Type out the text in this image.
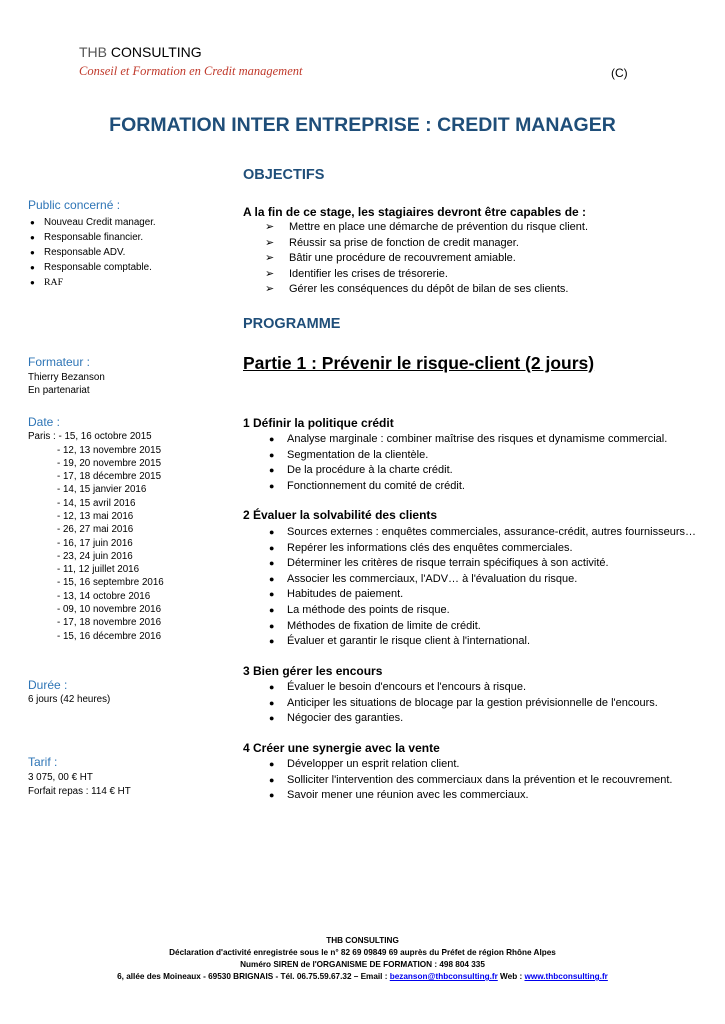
THB CONSULTING
Conseil et Formation en Credit management	(C)
FORMATION INTER ENTREPRISE : CREDIT MANAGER
OBJECTIFS
A la fin de ce stage, les stagiaires devront être capables de :
➢ Mettre en place une démarche de prévention du risque client.
➢ Réussir sa prise de fonction de credit manager.
➢ Bâtir une procédure de recouvrement amiable.
➢ Identifier les crises de trésorerie.
➢ Gérer les conséquences du dépôt de bilan de ses clients.
PROGRAMME
Partie 1 : Prévenir le risque-client (2 jours)
1 Définir la politique crédit
● Analyse marginale : combiner maîtrise des risques et dynamisme commercial.
● Segmentation de la clientèle.
● De la procédure à la charte crédit.
● Fonctionnement du comité de crédit.
2 Évaluer la solvabilité des clients
● Sources externes : enquêtes commerciales, assurance-crédit, autres fournisseurs…
● Repérer les informations clés des enquêtes commerciales.
● Déterminer les critères de risque terrain spécifiques à son activité.
● Associer les commerciaux, l'ADV… à l'évaluation du risque.
● Habitudes de paiement.
● La méthode des points de risque.
● Méthodes de fixation de limite de crédit.
● Évaluer et garantir le risque client à l'international.
3 Bien gérer les encours
● Évaluer le besoin d'encours et l'encours à risque.
● Anticiper les situations de blocage par la gestion prévisionnelle de l'encours.
● Négocier des garanties.
4 Créer une synergie avec la vente
● Développer un esprit relation client.
● Solliciter l'intervention des commerciaux dans la prévention et le recouvrement.
● Savoir mener une réunion avec les commerciaux.
Public concerné :
● Nouveau Credit manager.
● Responsable financier.
● Responsable ADV.
● Responsable comptable.
● RAF
Formateur :
Thierry Bezanson
En partenariat
Date :
Paris : - 15, 16 octobre 2015
- 12, 13 novembre 2015
- 19, 20 novembre 2015
- 17, 18 décembre 2015
- 14, 15 janvier 2016
- 14, 15 avril 2016
- 12, 13 mai 2016
- 26, 27 mai 2016
- 16, 17 juin 2016
- 23, 24 juin 2016
- 11, 12 juillet 2016
- 15, 16 septembre 2016
- 13, 14 octobre 2016
- 09, 10 novembre 2016
- 17, 18 novembre 2016
- 15, 16 décembre 2016
Durée :
6 jours (42 heures)
Tarif :
3 075, 00 € HT
Forfait repas : 114 € HT
THB CONSULTING
Déclaration d'activité enregistrée sous le n° 82 69 09849 69 auprès du Préfet de région Rhône Alpes
Numéro SIREN de l'ORGANISME DE FORMATION : 498 804 335
6, allée des Moineaux - 69530 BRIGNAIS - Tél. 06.75.59.67.32 – Email : bezanson@thbconsulting.fr Web : www.thbconsulting.fr
